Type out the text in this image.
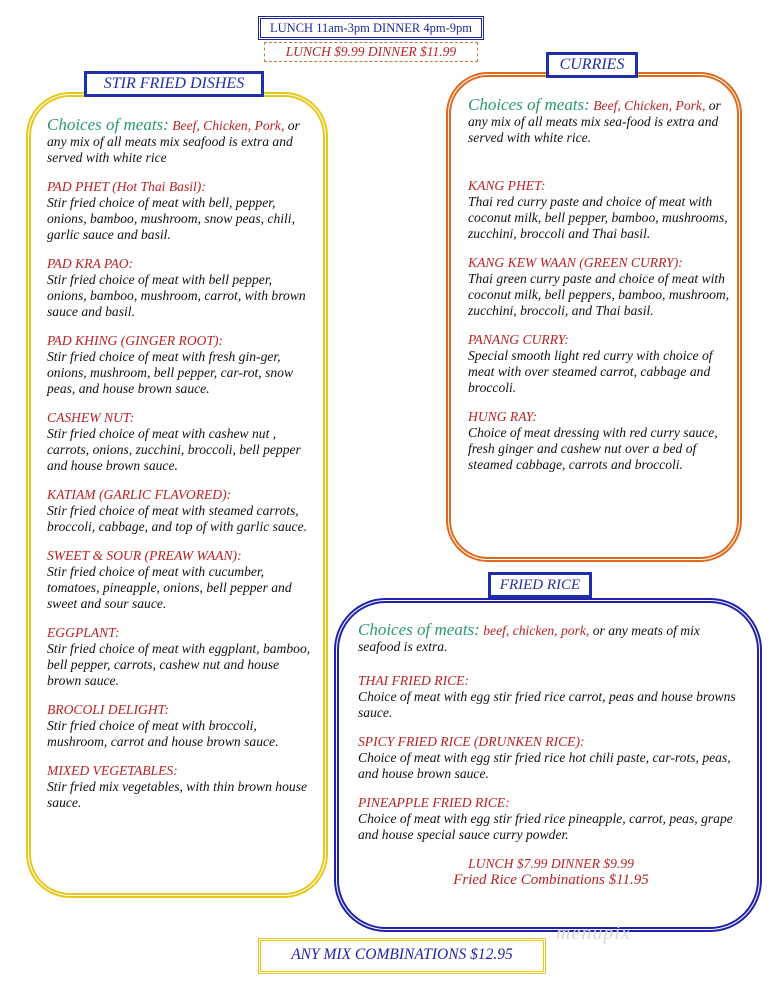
LUNCH 11am-3pm DINNER 4pm-9pm
LUNCH $9.99 DINNER $11.99
STIR FRIED DISHES

Choices of meats: Beef, Chicken, Pork, or any mix of all meats mix seafood is extra and served with white rice

PAD PHET (Hot Thai Basil):

Stir fried choice of meat with bell, pepper, onions, bamboo, mushroom, snow peas, chili, garlic sauce and basil.

PAD KRA PAO:

Stir fried choice of meat with bell pepper, onions, bamboo, mushroom, carrot, with brown sauce and basil.

PAD KHING (GINGER ROOT):

Stir fried choice of meat with fresh gin-ger, onions, mushroom, bell pepper, car-rot, snow peas, and house brown sauce.

CASHEW NUT:

Stir fried choice of meat with cashew nut , carrots, onions, zucchini, broccoli, bell pepper and house brown sauce.

KATIAM (GARLIC FLAVORED):

Stir fried choice of meat with steamed carrots, broccoli, cabbage, and top of with garlic sauce.

SWEET & SOUR (PREAW WAAN):

Stir fried choice of meat with cucumber, tomatoes, pineapple, onions, bell pepper and sweet and sour sauce.

EGGPLANT:

Stir fried choice of meat with eggplant, bamboo, bell pepper, carrots, cashew nut and house brown sauce.

BROCOLI DELIGHT:

Stir fried choice of meat with broccoli, mushroom, carrot and house brown sauce.

MIXED VEGETABLES:

Stir fried mix vegetables, with thin brown house sauce.

CURRIES

Choices of meats: Beef, Chicken, Pork, or any mix of all meats mix sea-food is extra and served with white rice.

KANG PHET:

Thai red curry paste and choice of meat with coconut milk, bell pepper, bamboo, mushrooms, zucchini, broccoli and Thai basil.

KANG KEW WAAN (GREEN CURRY):

Thai green curry paste and choice of meat with coconut milk, bell peppers, bamboo, mushroom, zucchini, broccoli, and Thai basil.

PANANG CURRY:

Special smooth light red curry with choice of meat with over steamed carrot, cabbage and broccoli.

HUNG RAY:

Choice of meat dressing with red curry sauce, fresh ginger and cashew nut over a bed of steamed cabbage, carrots and broccoli.

FRIED RICE

Choices of meats: beef, chicken, pork, or any meats of mix seafood is extra.

THAI FRIED RICE:

Choice of meat with egg stir fried rice carrot, peas and house browns sauce.

SPICY FRIED RICE (DRUNKEN RICE):

Choice of meat with egg stir fried rice hot chili paste, car-rots, peas, and house brown sauce.

PINEAPPLE FRIED RICE:

Choice of meat with egg stir fried rice pineapple, carrot, peas, grape and house special sauce curry powder.

LUNCH $7.99 DINNER $9.99
Fried Rice Combinations $11.95
menupix
ANY MIX COMBINATIONS $12.95
